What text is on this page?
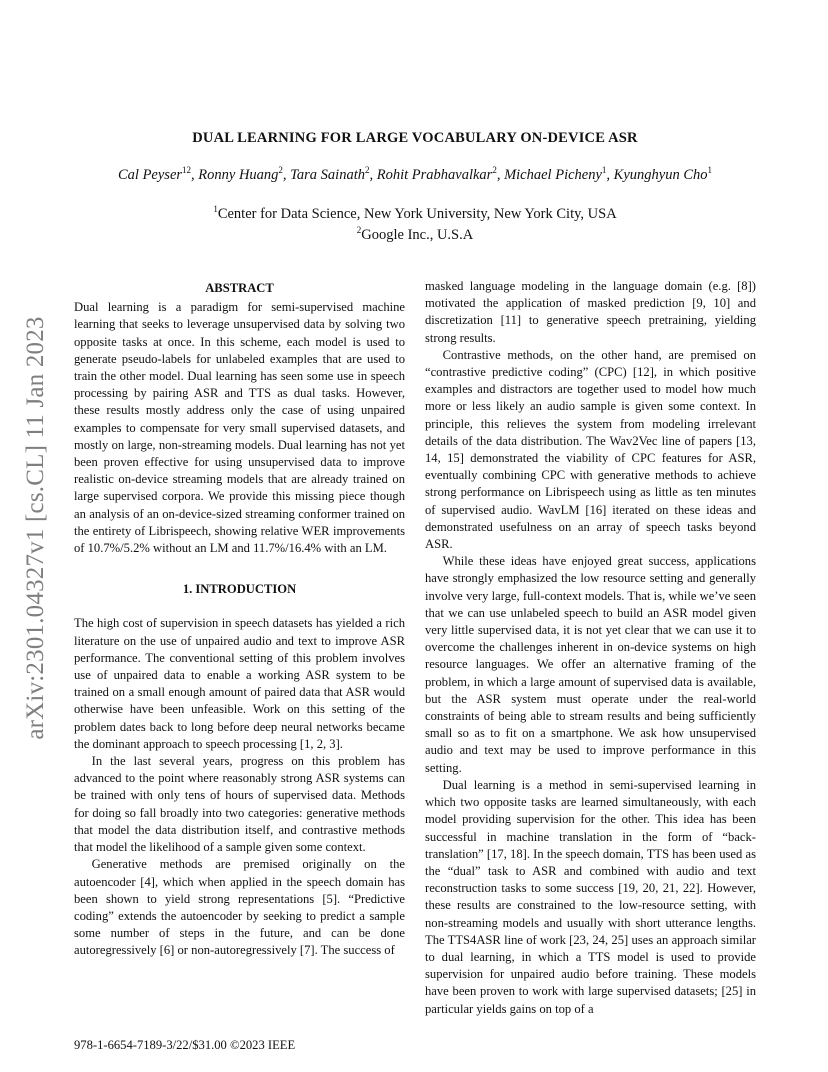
arXiv:2301.04327v1 [cs.CL] 11 Jan 2023
DUAL LEARNING FOR LARGE VOCABULARY ON-DEVICE ASR
Cal Peyser$^{12}$, Ronny Huang$^2$, Tara Sainath$^2$, Rohit Prabhavalkar$^2$, Michael Picheny$^1$, Kyunghyun Cho$^1$
$^1$Center for Data Science, New York University, New York City, USA
$^2$Google Inc., U.S.A
ABSTRACT

Dual learning is a paradigm for semi-supervised machine learning that seeks to leverage unsupervised data by solving two opposite tasks at once. In this scheme, each model is used to generate pseudo-labels for unlabeled examples that are used to train the other model. Dual learning has seen some use in speech processing by pairing ASR and TTS as dual tasks. However, these results mostly address only the case of using unpaired examples to compensate for very small supervised datasets, and mostly on large, non-streaming models. Dual learning has not yet been proven effective for using unsupervised data to improve realistic on-device streaming models that are already trained on large supervised corpora. We provide this missing piece though an analysis of an on-device-sized streaming conformer trained on the entirety of Librispeech, showing relative WER improvements of 10.7%/5.2% without an LM and 11.7%/16.4% with an LM.

1. INTRODUCTION

The high cost of supervision in speech datasets has yielded a rich literature on the use of unpaired audio and text to improve ASR performance. The conventional setting of this problem involves use of unpaired data to enable a working ASR system to be trained on a small enough amount of paired data that ASR would otherwise have been unfeasible. Work on this setting of the problem dates back to long before deep neural networks became the dominant approach to speech processing [1, 2, 3].

In the last several years, progress on this problem has advanced to the point where reasonably strong ASR systems can be trained with only tens of hours of supervised data. Methods for doing so fall broadly into two categories: generative methods that model the data distribution itself, and contrastive methods that model the likelihood of a sample given some context.

Generative methods are premised originally on the autoencoder [4], which when applied in the speech domain has been shown to yield strong representations [5]. “Predictive coding” extends the autoencoder by seeking to predict a sample some number of steps in the future, and can be done autoregressively [6] or non-autoregressively [7]. The success of

masked language modeling in the language domain (e.g. [8]) motivated the application of masked prediction [9, 10] and discretization [11] to generative speech pretraining, yielding strong results.

Contrastive methods, on the other hand, are premised on “contrastive predictive coding” (CPC) [12], in which positive examples and distractors are together used to model how much more or less likely an audio sample is given some context. In principle, this relieves the system from modeling irrelevant details of the data distribution. The Wav2Vec line of papers [13, 14, 15] demonstrated the viability of CPC features for ASR, eventually combining CPC with generative methods to achieve strong performance on Librispeech using as little as ten minutes of supervised audio. WavLM [16] iterated on these ideas and demonstrated usefulness on an array of speech tasks beyond ASR.

While these ideas have enjoyed great success, applications have strongly emphasized the low resource setting and generally involve very large, full-context models. That is, while we’ve seen that we can use unlabeled speech to build an ASR model given very little supervised data, it is not yet clear that we can use it to overcome the challenges inherent in on-device systems on high resource languages. We offer an alternative framing of the problem, in which a large amount of supervised data is available, but the ASR system must operate under the real-world constraints of being able to stream results and being sufficiently small so as to fit on a smartphone. We ask how unsupervised audio and text may be used to improve performance in this setting.

Dual learning is a method in semi-supervised learning in which two opposite tasks are learned simultaneously, with each model providing supervision for the other. This idea has been successful in machine translation in the form of “back-translation” [17, 18]. In the speech domain, TTS has been used as the “dual” task to ASR and combined with audio and text reconstruction tasks to some success [19, 20, 21, 22]. However, these results are constrained to the low-resource setting, with non-streaming models and usually with short utterance lengths. The TTS4ASR line of work [23, 24, 25] uses an approach similar to dual learning, in which a TTS model is used to provide supervision for unpaired audio before training. These models have been proven to work with large supervised datasets; [25] in particular yields gains on top of a

978-1-6654-7189-3/22/$31.00 ©2023 IEEE
